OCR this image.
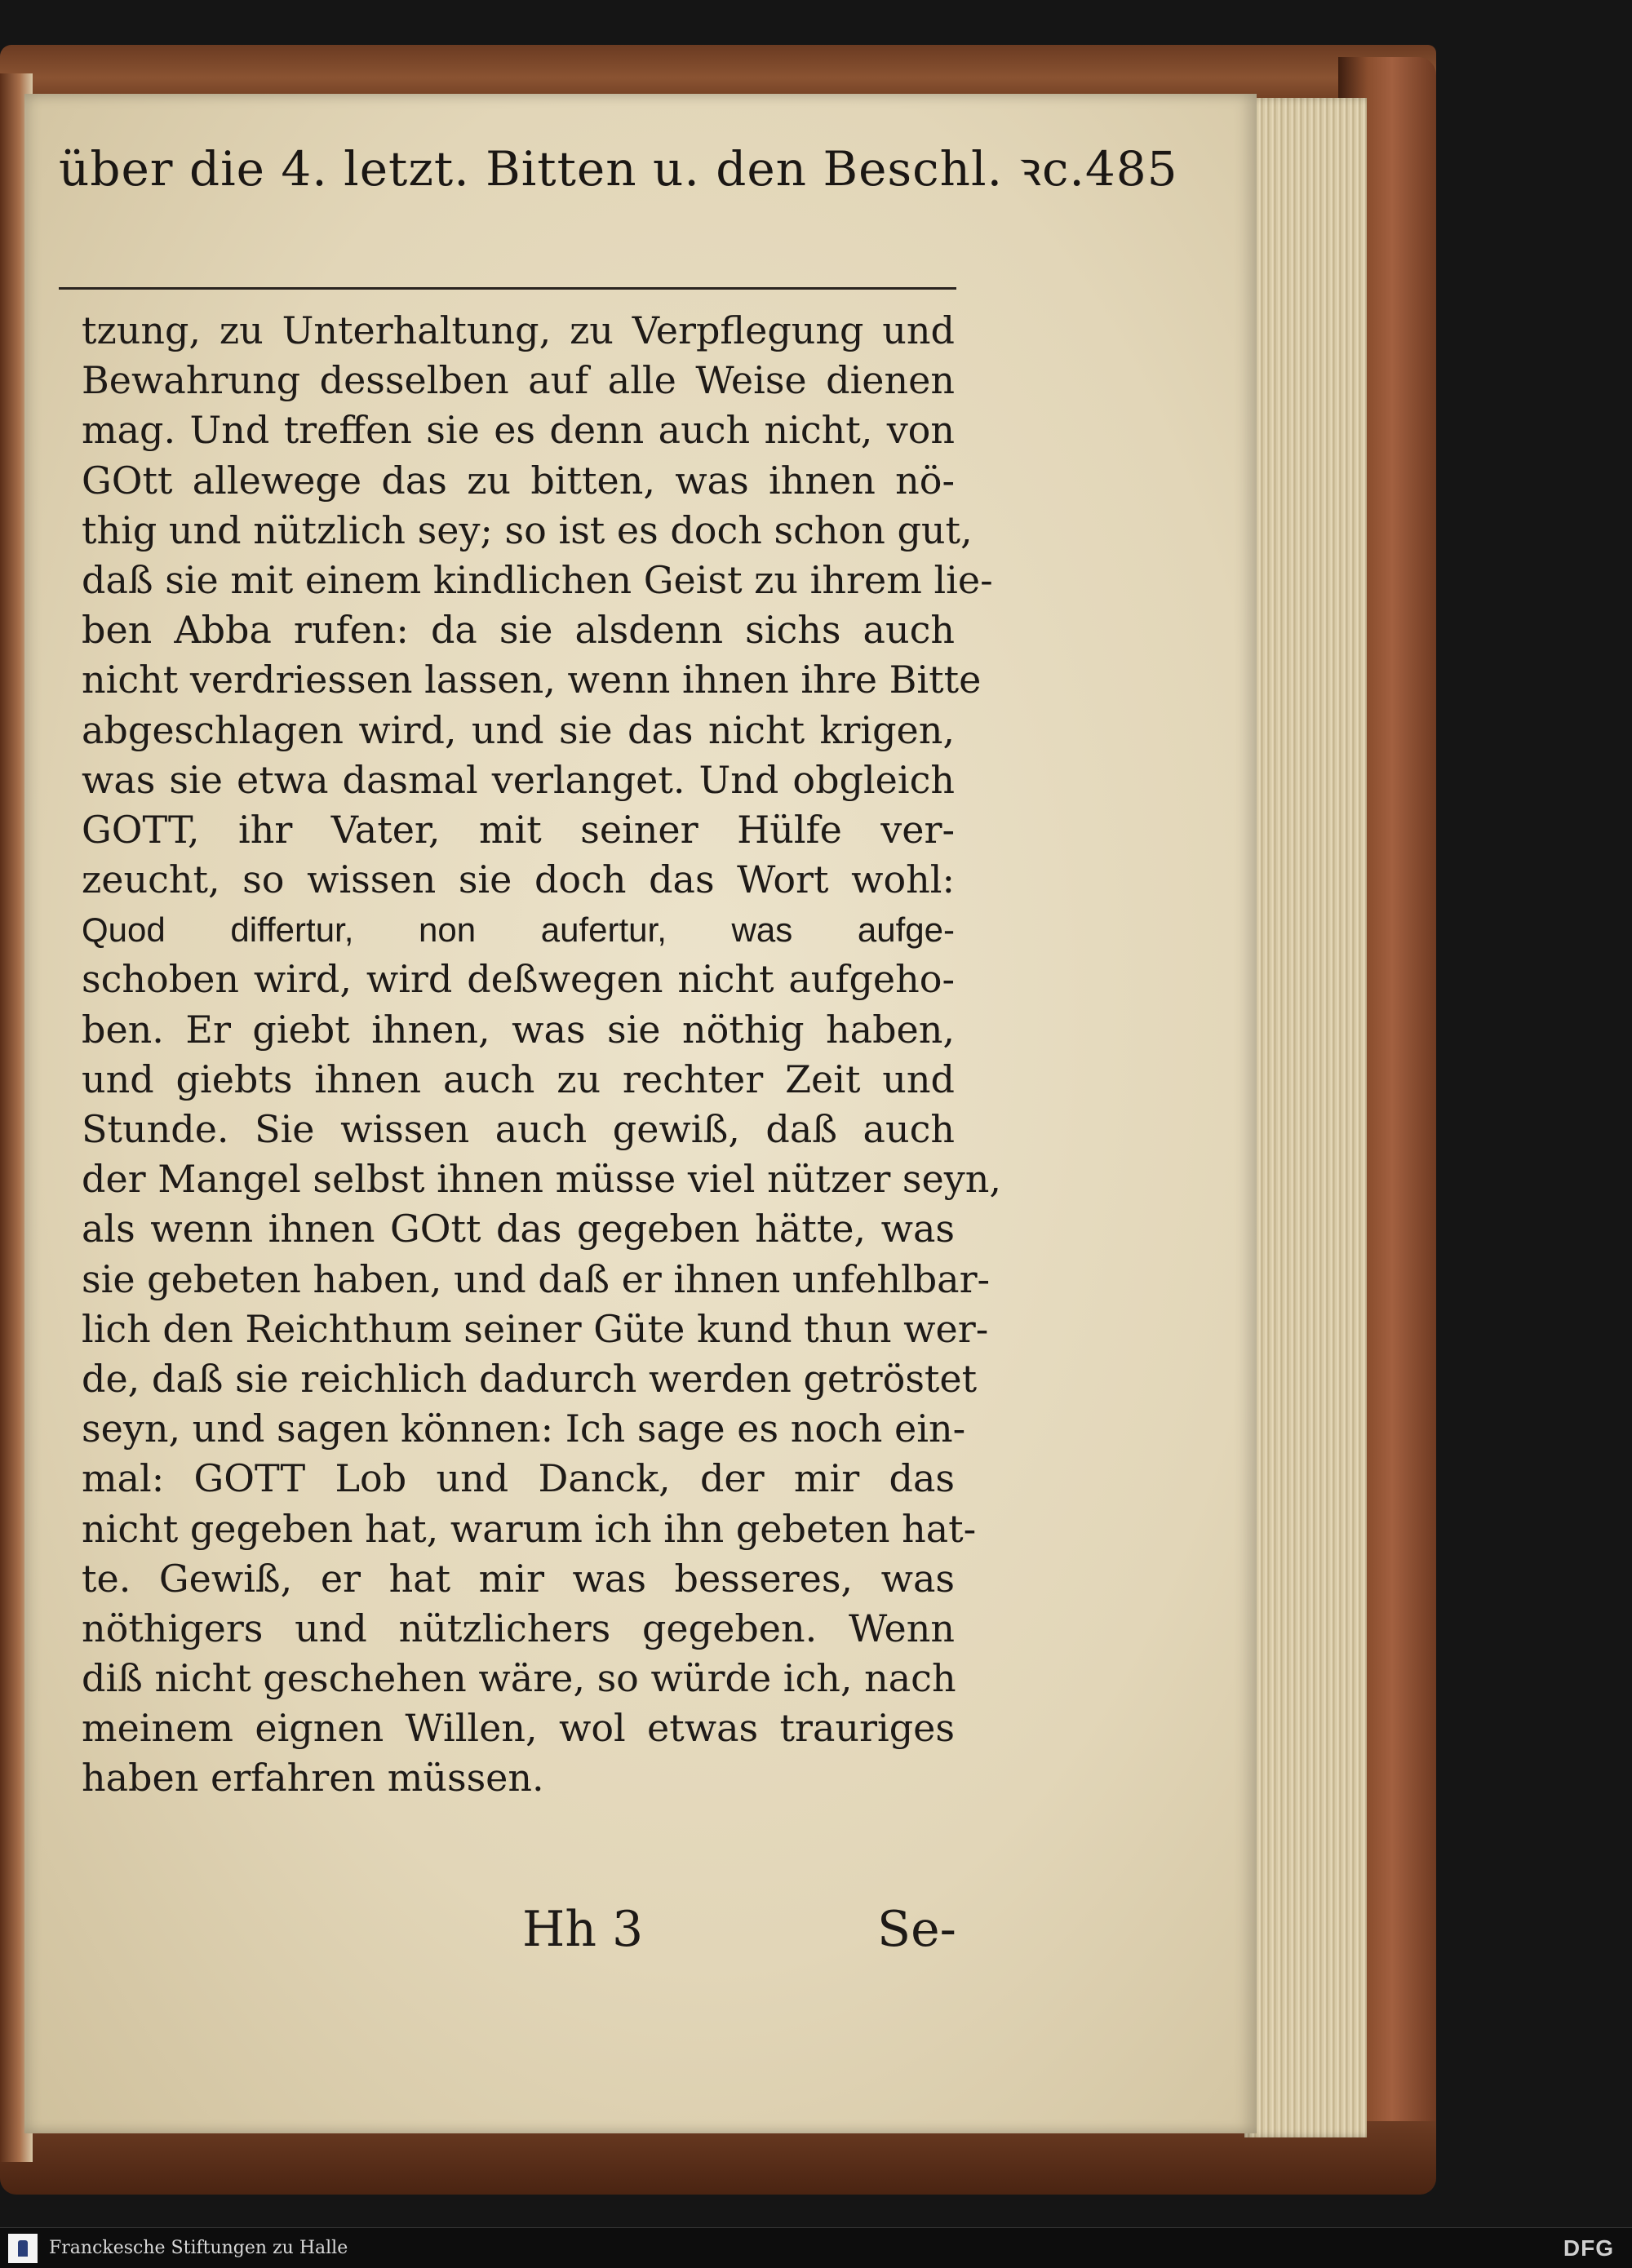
über die 4. letzt. Bitten u. den Beschl. ꝛc. 485
tzung, zu Unterhaltung, zu Verpflegung und
Bewahrung desselben auf alle Weise dienen
mag. Und treffen sie es denn auch nicht, von
GOtt allewege das zu bitten, was ihnen nö-
thig und nützlich sey; so ist es doch schon gut,
daß sie mit einem kindlichen Geist zu ihrem lie-
ben Abba rufen: da sie alsdenn sichs auch
nicht verdriessen lassen, wenn ihnen ihre Bitte
abgeschlagen wird, und sie das nicht krigen,
was sie etwa dasmal verlanget. Und obgleich
GOTT, ihr Vater, mit seiner Hülfe ver-
zeucht, so wissen sie doch das Wort wohl:
Quod differtur, non aufertur, was aufge-
schoben wird, wird deßwegen nicht aufgeho-
ben. Er giebt ihnen, was sie nöthig haben,
und giebts ihnen auch zu rechter Zeit und
Stunde. Sie wissen auch gewiß, daß auch
der Mangel selbst ihnen müsse viel nützer seyn,
als wenn ihnen GOtt das gegeben hätte, was
sie gebeten haben, und daß er ihnen unfehlbar-
lich den Reichthum seiner Güte kund thun wer-
de, daß sie reichlich dadurch werden getröstet
seyn, und sagen können: Ich sage es noch ein-
mal: GOTT Lob und Danck, der mir das
nicht gegeben hat, warum ich ihn gebeten hat-
te. Gewiß, er hat mir was besseres, was
nöthigers und nützlichers gegeben. Wenn
diß nicht geschehen wäre, so würde ich, nach
meinem eignen Willen, wol etwas trauriges
haben erfahren müssen.
Hh 3	Se-
Franckesche Stiftungen zu Halle	DFG
